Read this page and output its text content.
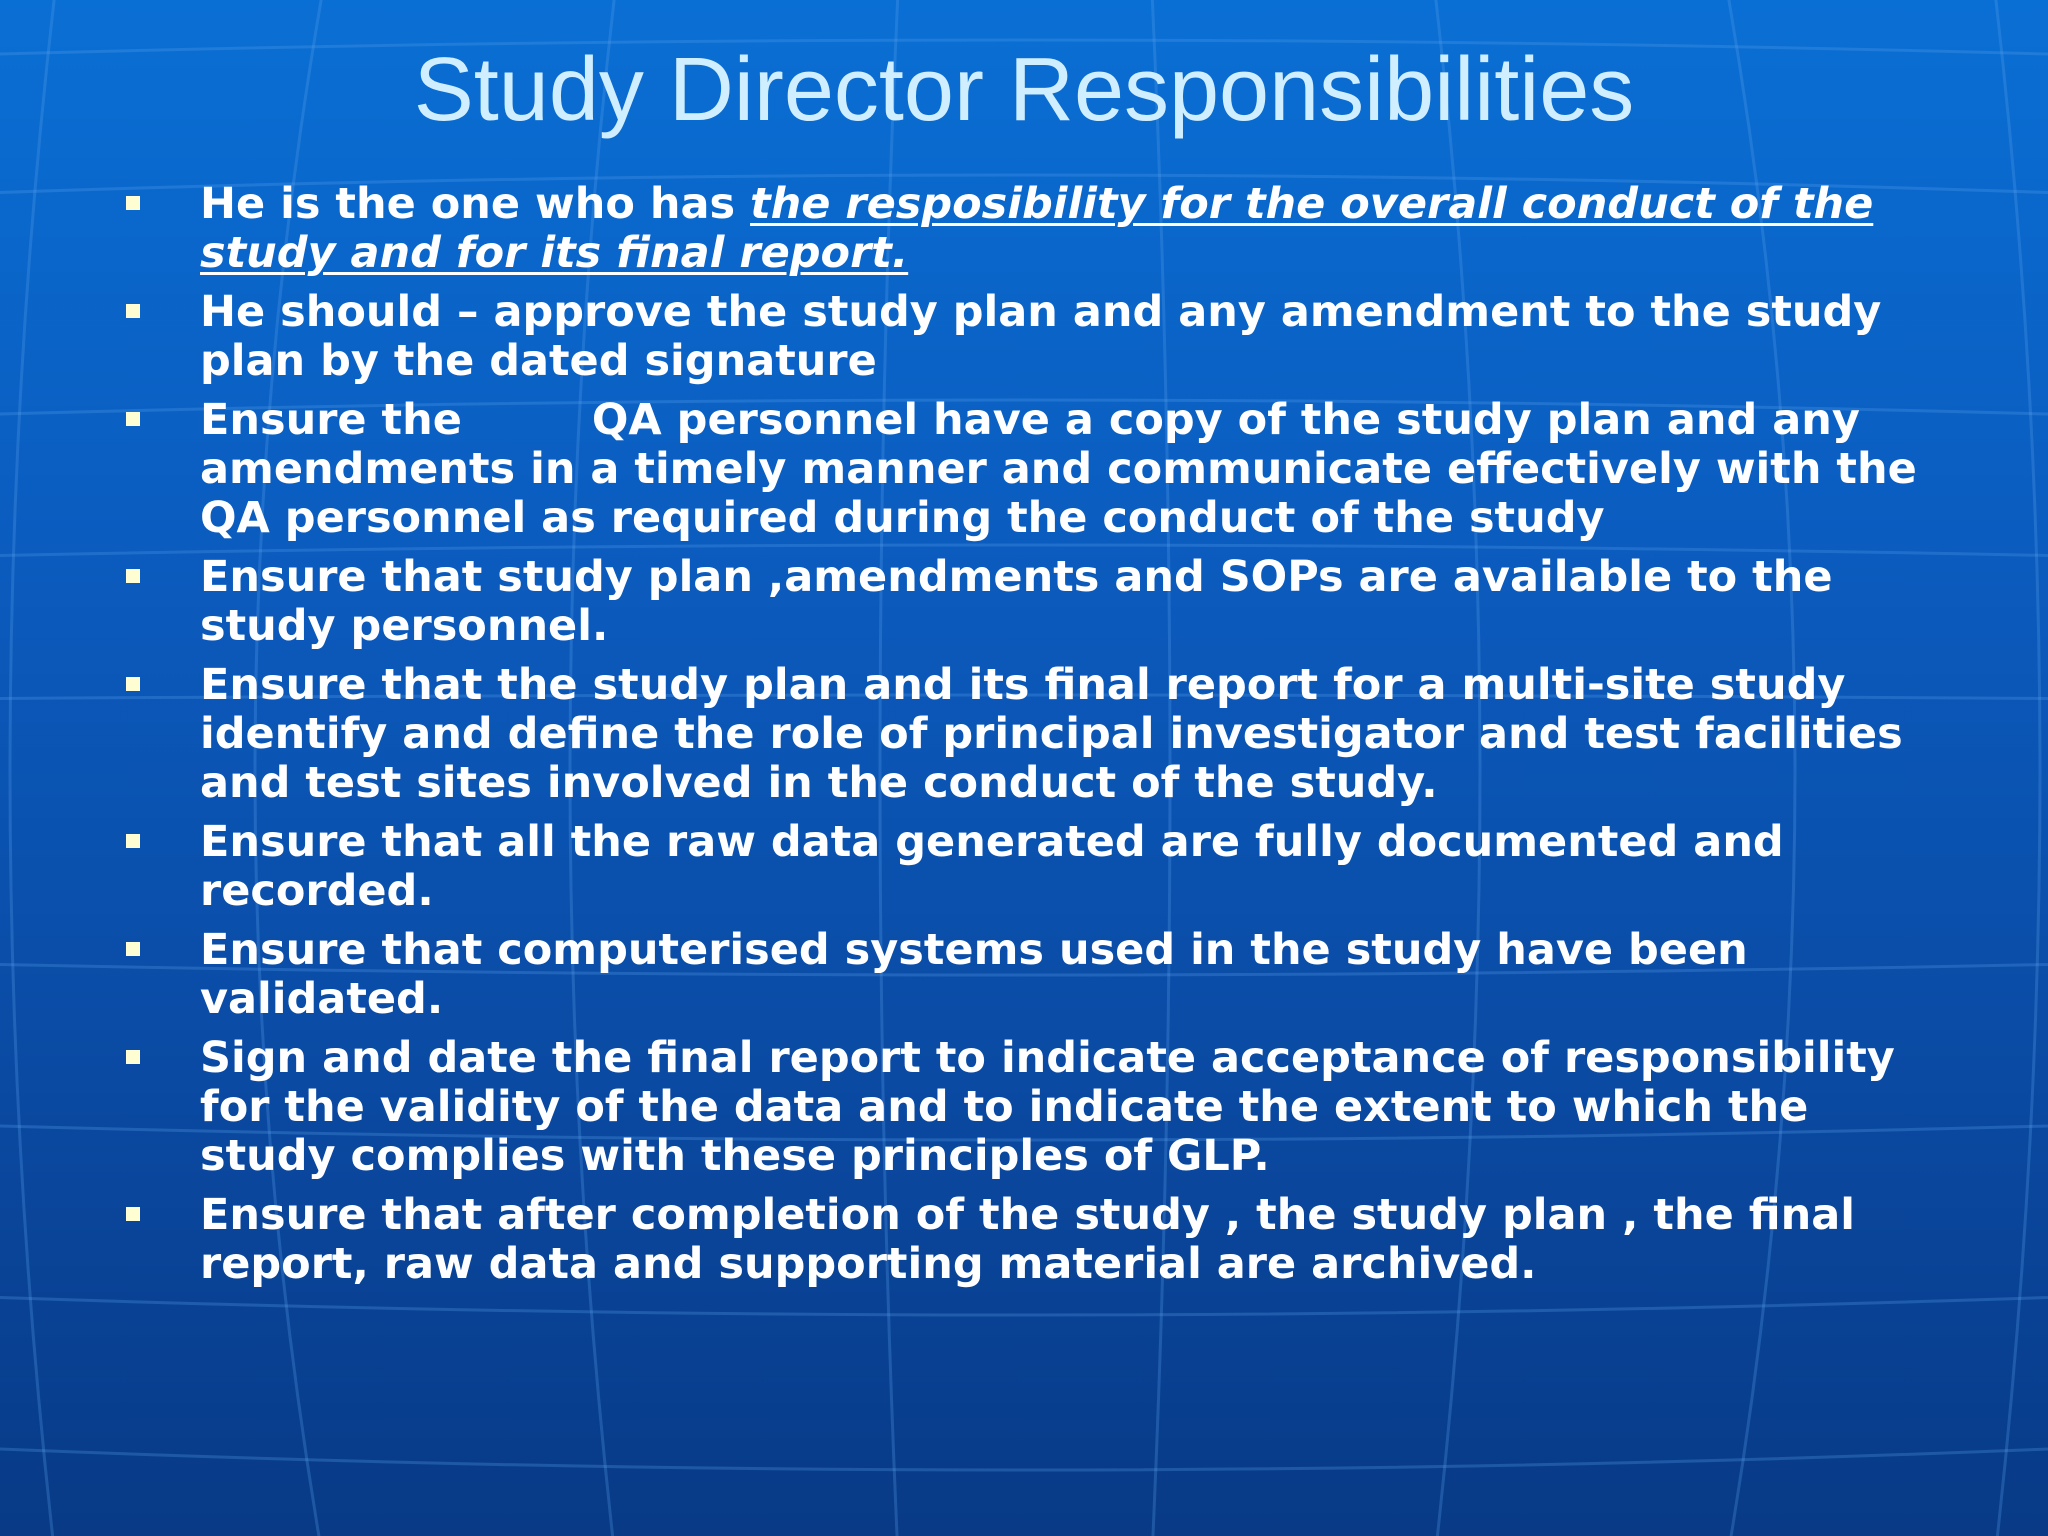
Study Director Responsibilities
He is the one who has the resposibility for the overall conduct of the study and for its final report.
He should – approve the study plan and any amendment to the study plan by the dated signature
Ensure the	QA personnel have a copy of the study plan and any amendments in a timely manner and communicate effectively with the QA personnel as required during the conduct of the study
Ensure that study plan ,amendments and SOPs are available to the study personnel.
Ensure that the study plan and its final report for a multi-site study identify and define the role of principal investigator and test facilities and test sites involved in the conduct of the study.
Ensure that all the raw data generated are fully documented and recorded.
Ensure that computerised systems used in the study have been validated.
Sign and date the final report to indicate acceptance of responsibility for the validity of the data and to indicate the extent to which the study complies with these principles of GLP.
Ensure that after completion of the study , the study plan , the final report, raw data and supporting material are archived.
